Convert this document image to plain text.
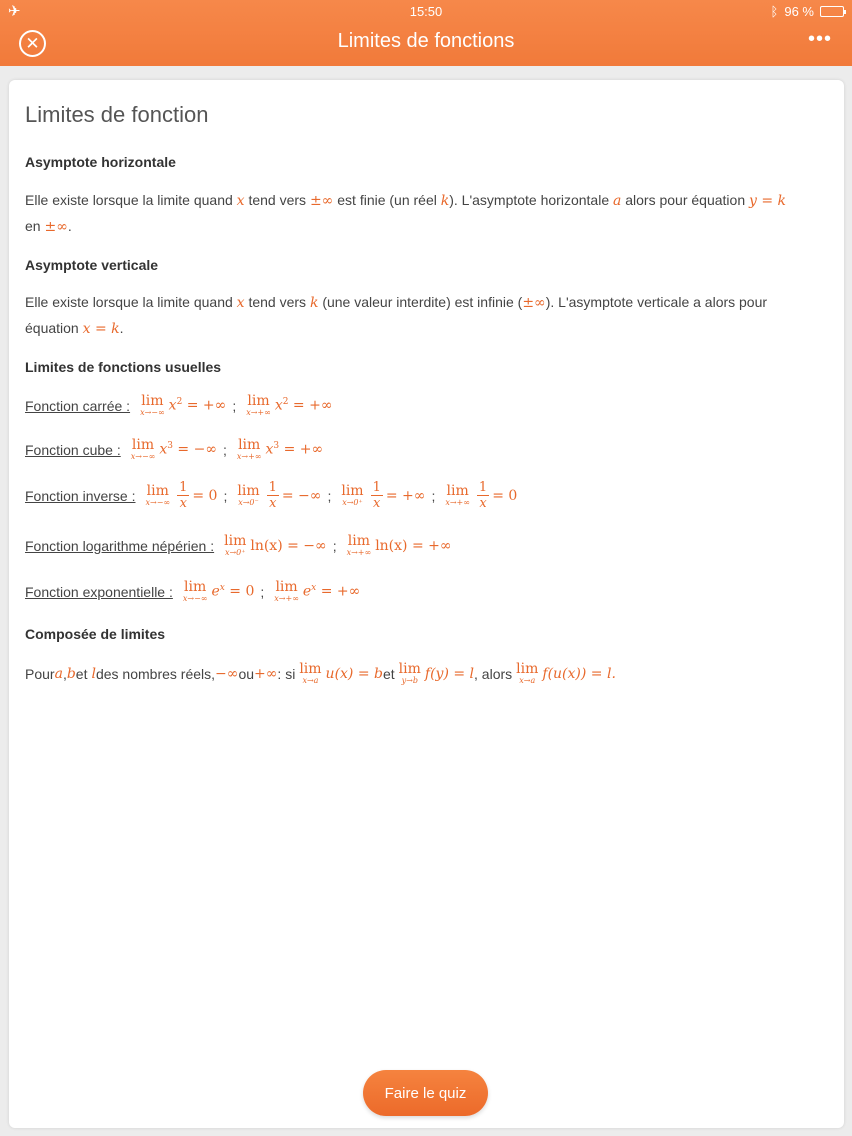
✈	15:50	ᛒ 96 %
✕	Limites de fonctions	•••
Limites de fonction
Asymptote horizontale
Elle existe lorsque la limite quand x tend vers ±∞ est finie (un réel k). L'asymptote horizontale a alors pour équation y = k
en ±∞.
Asymptote verticale
Elle existe lorsque la limite quand x tend vers k (une valeur interdite) est infinie (±∞). L'asymptote verticale a alors pour
équation x = k.
Limites de fonctions usuelles
Fonction carrée : lim
x→−∞ $x^2$ = +∞ ; lim
x→+∞ $x^2$ = +∞
Fonction cube : lim
x→−∞ $x^3$ = −∞ ; lim
x→+∞ $x^3$ = +∞
Fonction inverse : lim
$x\to-\infty \frac{1}{x} = 0$ ; lim
$x\to 0^- \frac{1}{x}$ = −∞ ; lim
$x\to 0^+ \frac{1}{x}$ = +∞ ; lim
$x\to+\infty \frac{1}{x} = 0$
Fonction logarithme népérien : lim
x→0⁺ ln(x) = −∞ ; lim
x→+∞ ln(x) = +∞
Fonction exponentielle : lim
x→−∞ $e^x = 0$ ; lim
x→+∞ $e^x$ = +∞
Composée de limites
Pour a , b et l des nombres réels, −∞ ou +∞ : si lim
x→a u(x) = b et lim
y→b f(y) = l , alors lim
x→a f(u(x)) = l.
Faire le quiz
